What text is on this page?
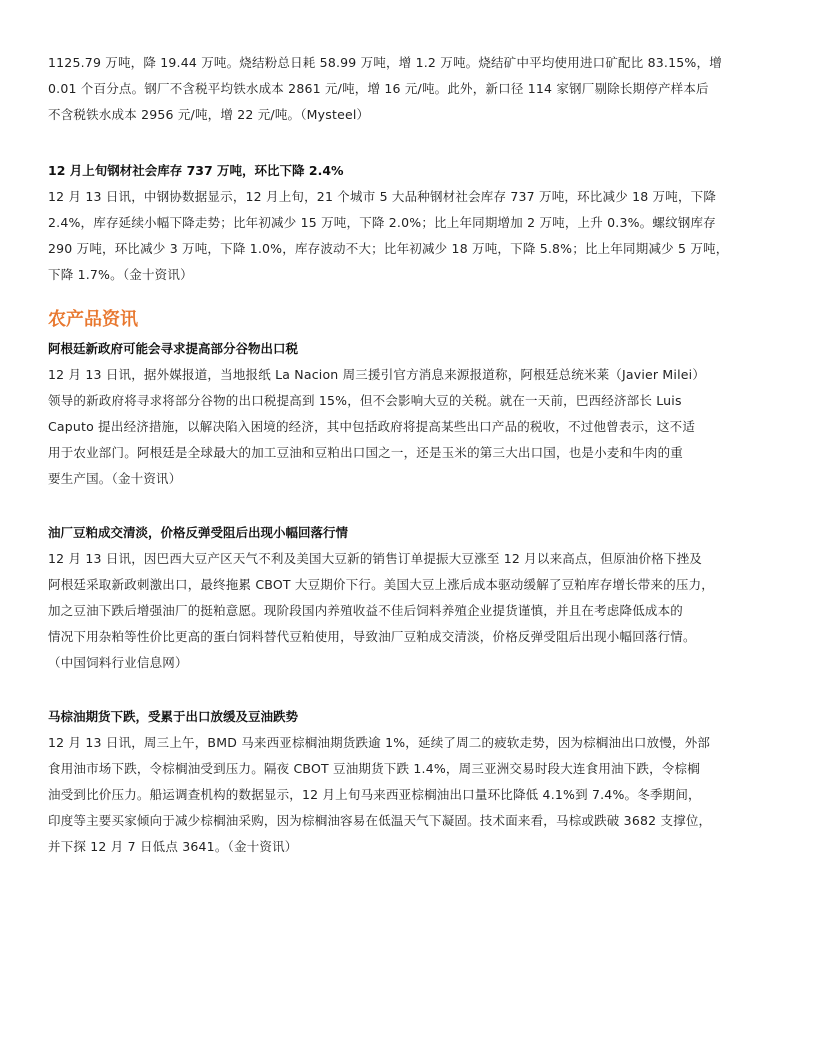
1125.79 万吨，降 19.44 万吨。烧结粉总日耗 58.99 万吨，增 1.2 万吨。烧结矿中平均使用进口矿配比 83.15%，增
0.01 个百分点。钢厂不含税平均铁水成本 2861 元/吨，增 16 元/吨。此外，新口径 114 家钢厂剔除长期停产样本后
不含税铁水成本 2956 元/吨，增 22 元/吨。（Mysteel）

12 月上旬钢材社会库存 737 万吨，环比下降 2.4%

12 月 13 日讯，中钢协数据显示，12 月上旬，21 个城市 5 大品种钢材社会库存 737 万吨，环比减少 18 万吨，下降
2.4%，库存延续小幅下降走势；比年初减少 15 万吨，下降 2.0%；比上年同期增加 2 万吨，上升 0.3%。螺纹钢库存
290 万吨，环比减少 3 万吨，下降 1.0%，库存波动不大；比年初减少 18 万吨，下降 5.8%；比上年同期减少 5 万吨，
下降 1.7%。（金十资讯）

农产品资讯

阿根廷新政府可能会寻求提高部分谷物出口税

12 月 13 日讯，据外媒报道，当地报纸 La Nacion 周三援引官方消息来源报道称，阿根廷总统米莱（Javier Milei）
领导的新政府将寻求将部分谷物的出口税提高到 15%，但不会影响大豆的关税。就在一天前，巴西经济部长 Luis
Caputo 提出经济措施，以解决陷入困境的经济，其中包括政府将提高某些出口产品的税收，不过他曾表示，这不适
用于农业部门。阿根廷是全球最大的加工豆油和豆粕出口国之一，还是玉米的第三大出口国，也是小麦和牛肉的重
要生产国。（金十资讯）

油厂豆粕成交清淡，价格反弹受阻后出现小幅回落行情

12 月 13 日讯，因巴西大豆产区天气不利及美国大豆新的销售订单提振大豆涨至 12 月以来高点，但原油价格下挫及
阿根廷采取新政刺激出口，最终拖累 CBOT 大豆期价下行。美国大豆上涨后成本驱动缓解了豆粕库存增长带来的压力，
加之豆油下跌后增强油厂的挺粕意愿。现阶段国内养殖收益不佳后饲料养殖企业提货谨慎，并且在考虑降低成本的
情况下用杂粕等性价比更高的蛋白饲料替代豆粕使用，导致油厂豆粕成交清淡，价格反弹受阻后出现小幅回落行情。
（中国饲料行业信息网）

马棕油期货下跌，受累于出口放缓及豆油跌势

12 月 13 日讯，周三上午，BMD 马来西亚棕榈油期货跌逾 1%，延续了周二的疲软走势，因为棕榈油出口放慢，外部
食用油市场下跌，令棕榈油受到压力。隔夜 CBOT 豆油期货下跌 1.4%，周三亚洲交易时段大连食用油下跌，令棕榈
油受到比价压力。船运调查机构的数据显示，12 月上旬马来西亚棕榈油出口量环比降低 4.1%到 7.4%。冬季期间，
印度等主要买家倾向于减少棕榈油采购，因为棕榈油容易在低温天气下凝固。技术面来看，马棕或跌破 3682 支撑位，
并下探 12 月 7 日低点 3641。（金十资讯）
